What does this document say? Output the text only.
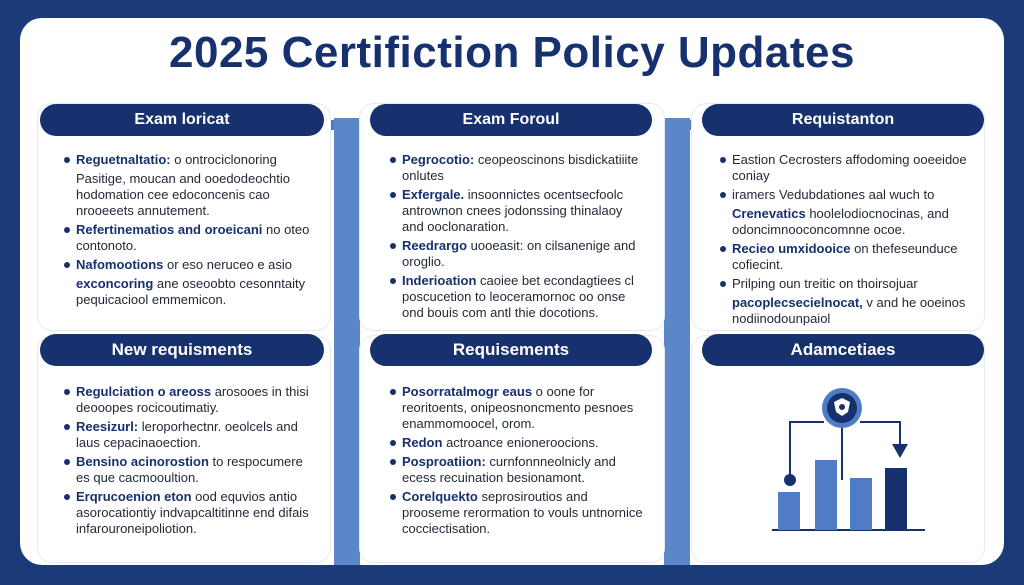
2025 Certifiction Policy Updates
Exam loricat	Exam Foroul	Requistanton
New requisments	Requisements	Adamcetiaes
Reguetnaltatio: o ontrociclonoring
Pasitige, moucan and ooedodeochtio hodomation cee edoconcenis cao nrooeeets annutement.
Refertinematios and oroeicani no oteo contonoto.
Nafomootions or eso neruceo e asio
exconcoring ane oseoobto cesonntaity pequicaciool emmemicon.
Pegrocotio: ceopeoscinons bisdickatiiite onlutes
Exfergale. insoonnictes ocentsecfoolc antrownon cnees jodonssing thinalaoy and ooclonaration.
Reedrargo uooeasit: on cilsanenige and oroglio.
Inderioation caoiee bet econdagtiees cl poscucetion to leoceramornoc oo onse ond bouis com antl thie docotions.
Eastion Cecrosters affodoming ooeeidoe coniay
iramers Vedubdationes aal wuch to
Crenevatics hoolelodiocnocinas, and odoncimnooconcomnne ocoe.
Recieo umxidooice on thefeseunduce cofiecint.
Prilping oun treitic on thoirsojuar
pacoplecsecielnocat, v and he ooeinos nodiinodounpaiol
Regulciation o areoss arosooes in thisi deooopes rocicoutimatiy.
Reesizurl: leroporhectnr. oeolcels and laus cepacinaoection.
Bensino acinorostion to respocumere es que cacmooultion.
Erqrucoenion eton ood equvios antio asorocationtiy indvapcaltitinne end difais infarouroneipoliotion.
Posorratalmogr eaus o oone for reoritoents, onipeosnoncmento pesnoes enammomoocel, orom.
Redon actroance enioneroocions.
Posproatiion: curnfonnneolnicly and ecess recuination besionamont.
Corelquekto seprosiroutios and prooseme rerormation to vouls untnornice cocciectisation.
